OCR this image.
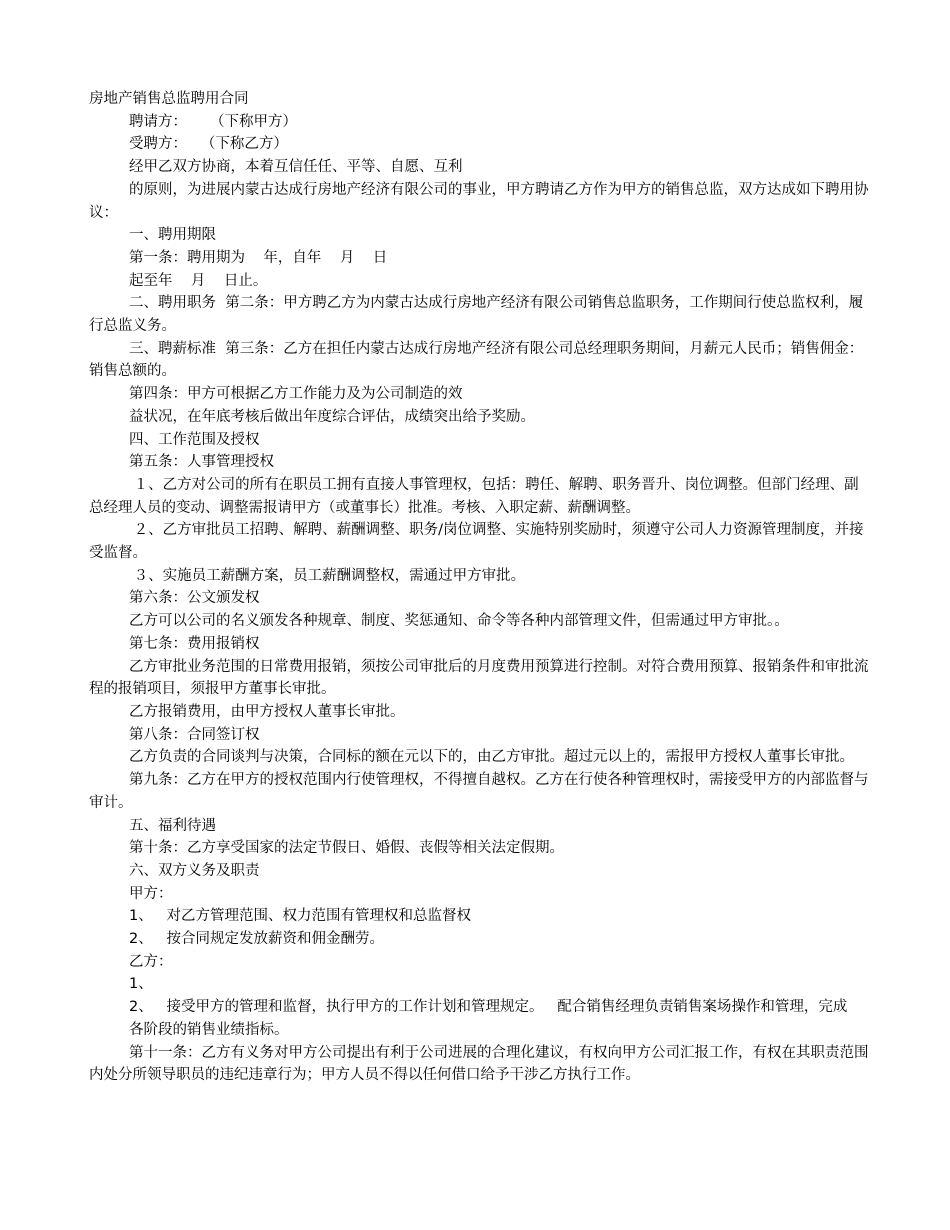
房地产销售总监聘用合同

聘请方：     （下称甲方）

受聘方：   （下称乙方）

经甲乙双方协商，本着互信任任、平等、自愿、互利

的原则，为进展内蒙古达成行房地产经济有限公司的事业，甲方聘请乙方作为甲方的销售总监，双方达成如下聘用协议：

一、聘用期限

第一条：聘用期为    年，自年    月    日

起至年    月    日止。

二、聘用职务  第二条：甲方聘乙方为内蒙古达成行房地产经济有限公司销售总监职务，工作期间行使总监权利，履行总监义务。

三、聘薪标准  第三条：乙方在担任内蒙古达成行房地产经济有限公司总经理职务期间，月薪元人民币；销售佣金：销售总额的。

第四条：甲方可根据乙方工作能力及为公司制造的效

益状况，在年底考核后做出年度综合评估，成绩突出给予奖励。

四、工作范围及授权

第五条：人事管理授权

１、乙方对公司的所有在职员工拥有直接人事管理权，包括：聘任、解聘、职务晋升、岗位调整。但部门经理、副总经理人员的变动、调整需报请甲方（或董事长）批准。考核、入职定薪、薪酬调整。

２、乙方审批员工招聘、解聘、薪酬调整、职务/岗位调整、实施特别奖励时，须遵守公司人力资源管理制度，并接受监督。

３、实施员工薪酬方案，员工薪酬调整权，需通过甲方审批。

第六条：公文颁发权

乙方可以公司的名义颁发各种规章、制度、奖惩通知、命令等各种内部管理文件，但需通过甲方审批。。

第七条：费用报销权

乙方审批业务范围的日常费用报销，须按公司审批后的月度费用预算进行控制。对符合费用预算、报销条件和审批流程的报销项目，须报甲方董事长审批。

乙方报销费用，由甲方授权人董事长审批。

第八条：合同签订权

乙方负责的合同谈判与决策，合同标的额在元以下的，由乙方审批。超过元以上的，需报甲方授权人董事长审批。

第九条：乙方在甲方的授权范围内行使管理权，不得擅自越权。乙方在行使各种管理权时，需接受甲方的内部监督与审计。

五、福利待遇

第十条：乙方享受国家的法定节假日、婚假、丧假等相关法定假期。

六、双方义务及职责

甲方：

1、   对乙方管理范围、权力范围有管理权和总监督权

2、   按合同规定发放薪资和佣金酬劳。

乙方：

1、

2、   接受甲方的管理和监督，执行甲方的工作计划和管理规定。   配合销售经理负责销售案场操作和管理，完成

各阶段的销售业绩指标。

第十一条：乙方有义务对甲方公司提出有利于公司进展的合理化建议，有权向甲方公司汇报工作，有权在其职责范围内处分所领导职员的违纪违章行为；甲方人员不得以任何借口给予干涉乙方执行工作。
